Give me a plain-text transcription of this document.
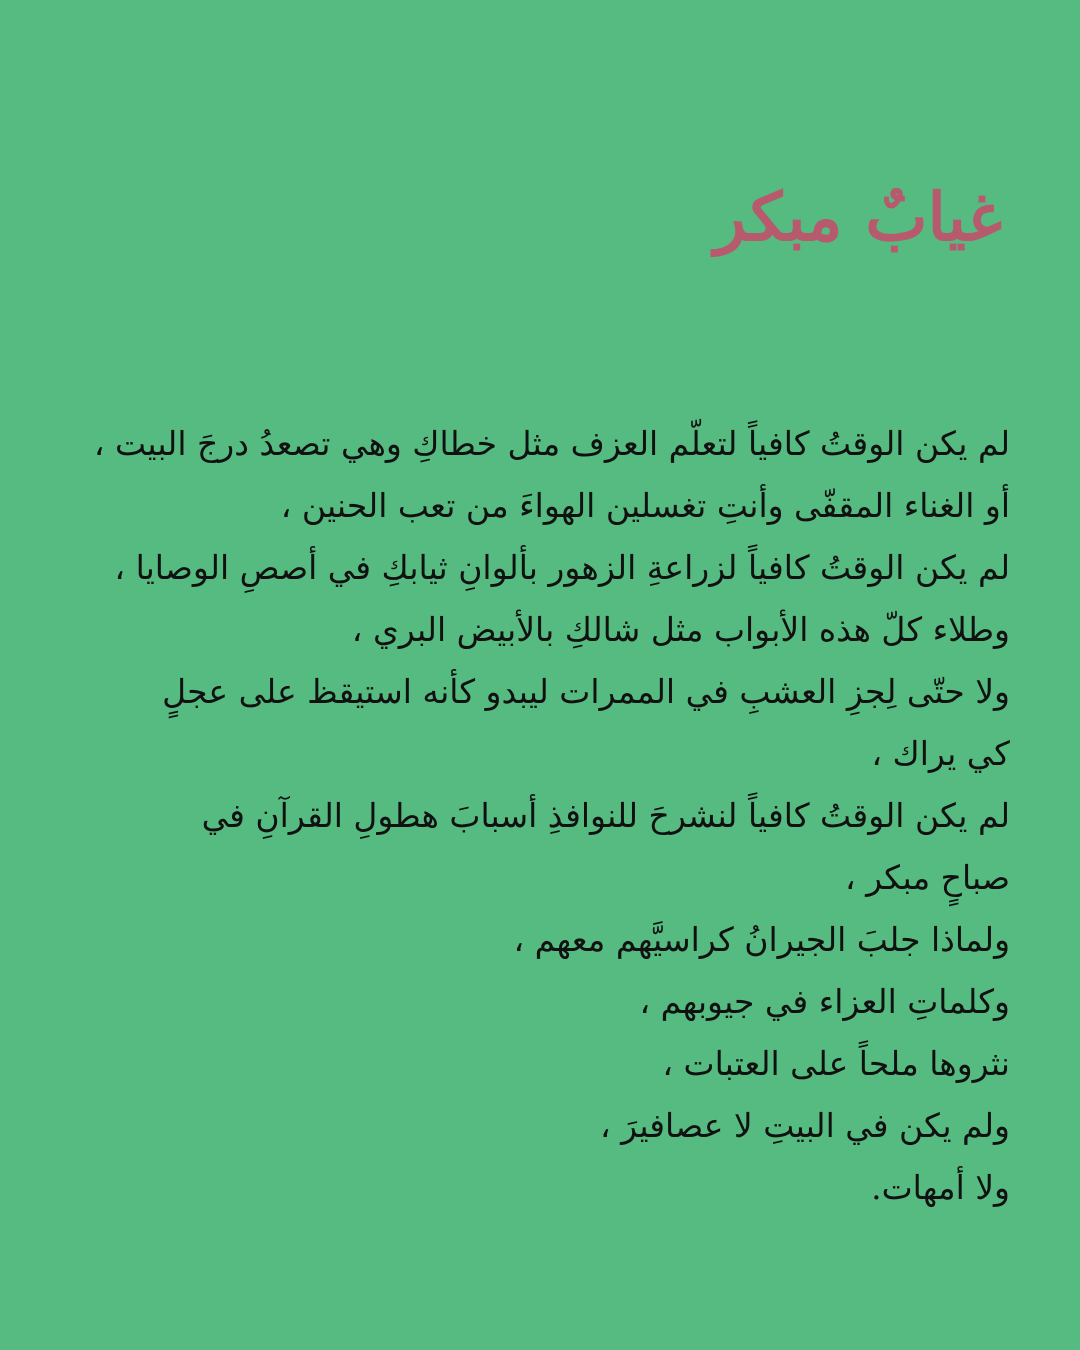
غيابٌ مبكر
لم يكن الوقتُ كافياً لتعلّم العزف مثل خطاكِ وهي تصعدُ درجَ البيت ،
أو الغناء المقفّى وأنتِ تغسلين الهواءَ من تعب الحنين ،
لم يكن الوقتُ كافياً لزراعةِ الزهور بألوانِ ثيابكِ في أصصِ الوصايا ،
وطلاء كلّ هذه الأبواب مثل شالكِ بالأبيض البري ،
ولا حتّى لِجزِ العشبِ في الممرات ليبدو كأنه استيقظ على عجلٍ
كي يراك ،
لم يكن الوقتُ كافياً لنشرحَ للنوافذِ أسبابَ هطولِ القرآنِ في
صباحٍ مبكر ،
ولماذا جلبَ الجيرانُ كراسيَّهم معهم ،
وكلماتِ العزاء في جيوبهم ،
نثروها ملحاً على العتبات ،
ولم يكن في البيتِ لا عصافيرَ ،
ولا أمهات.
